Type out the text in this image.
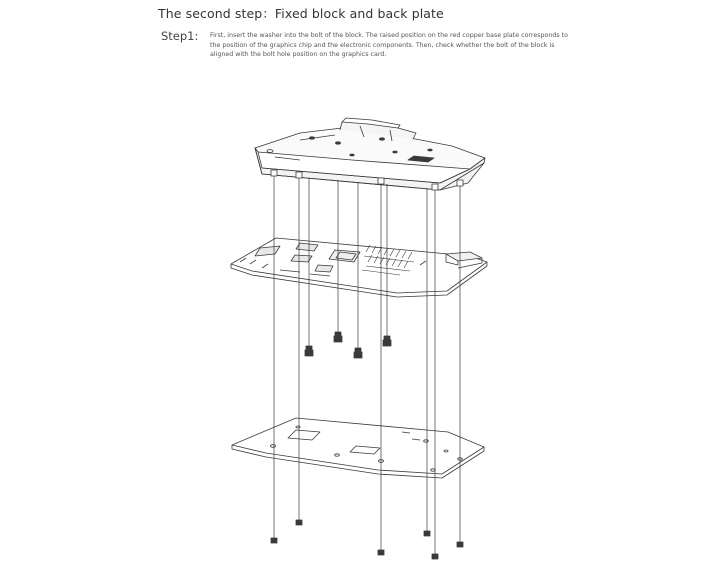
The second step：Fixed block and back plate
Step1: First, insert the washer into the bolt of the block. The raised position on the red copper base plate corresponds to the position of the graphics chip and the electronic components. Then, check whether the bolt of the block is aligned with the bolt hole position on the graphics card.
